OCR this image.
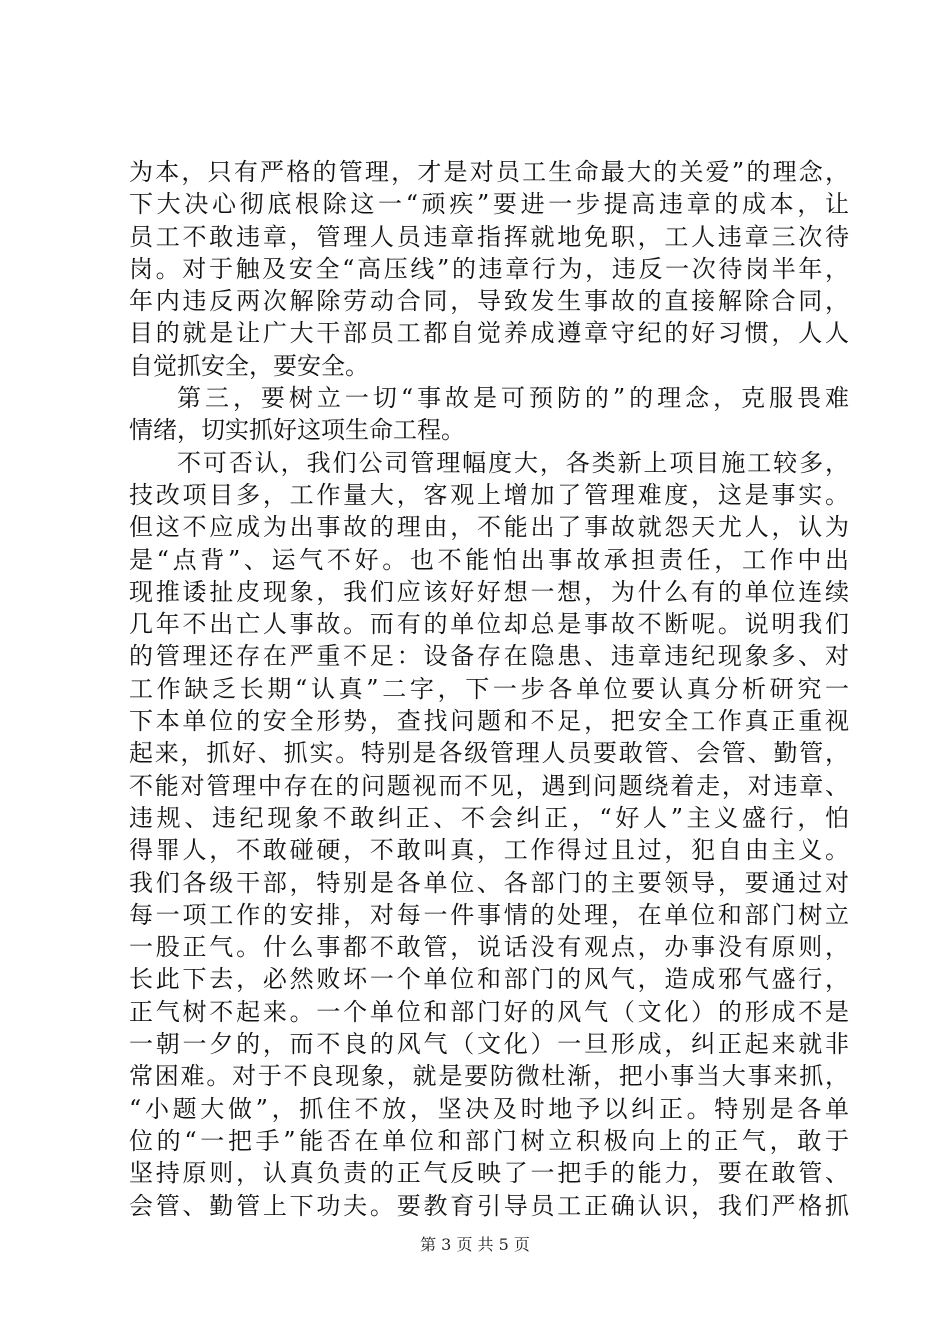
为本，只有严格的管理，才是对员工生命最大的关爱”的理念，
下大决心彻底根除这一“顽疾”要进一步提高违章的成本，让
员工不敢违章，管理人员违章指挥就地免职，工人违章三次待
岗。对于触及安全“高压线”的违章行为，违反一次待岗半年，
年内违反两次解除劳动合同，导致发生事故的直接解除合同，
目的就是让广大干部员工都自觉养成遵章守纪的好习惯，人人
自觉抓安全，要安全。
第三，要树立一切“事故是可预防的”的理念，克服畏难
情绪，切实抓好这项生命工程。
不可否认，我们公司管理幅度大，各类新上项目施工较多，
技改项目多，工作量大，客观上增加了管理难度，这是事实。
但这不应成为出事故的理由，不能出了事故就怨天尤人，认为
是“点背”、运气不好。也不能怕出事故承担责任，工作中出
现推诿扯皮现象，我们应该好好想一想，为什么有的单位连续
几年不出亡人事故。而有的单位却总是事故不断呢。说明我们
的管理还存在严重不足：设备存在隐患、违章违纪现象多、对
工作缺乏长期“认真”二字，下一步各单位要认真分析研究一
下本单位的安全形势，查找问题和不足，把安全工作真正重视
起来，抓好、抓实。特别是各级管理人员要敢管、会管、勤管，
不能对管理中存在的问题视而不见，遇到问题绕着走，对违章、
违规、违纪现象不敢纠正、不会纠正，“好人”主义盛行，怕
得罪人，不敢碰硬，不敢叫真，工作得过且过，犯自由主义。
我们各级干部，特别是各单位、各部门的主要领导，要通过对
每一项工作的安排，对每一件事情的处理，在单位和部门树立
一股正气。什么事都不敢管，说话没有观点，办事没有原则，
长此下去，必然败坏一个单位和部门的风气，造成邪气盛行，
正气树不起来。一个单位和部门好的风气（文化）的形成不是
一朝一夕的，而不良的风气（文化）一旦形成，纠正起来就非
常困难。对于不良现象，就是要防微杜渐，把小事当大事来抓，
“小题大做”，抓住不放，坚决及时地予以纠正。特别是各单
位的“一把手”能否在单位和部门树立积极向上的正气，敢于
坚持原则，认真负责的正气反映了一把手的能力，要在敢管、
会管、勤管上下功夫。要教育引导员工正确认识，我们严格抓
第 3 页 共 5 页
